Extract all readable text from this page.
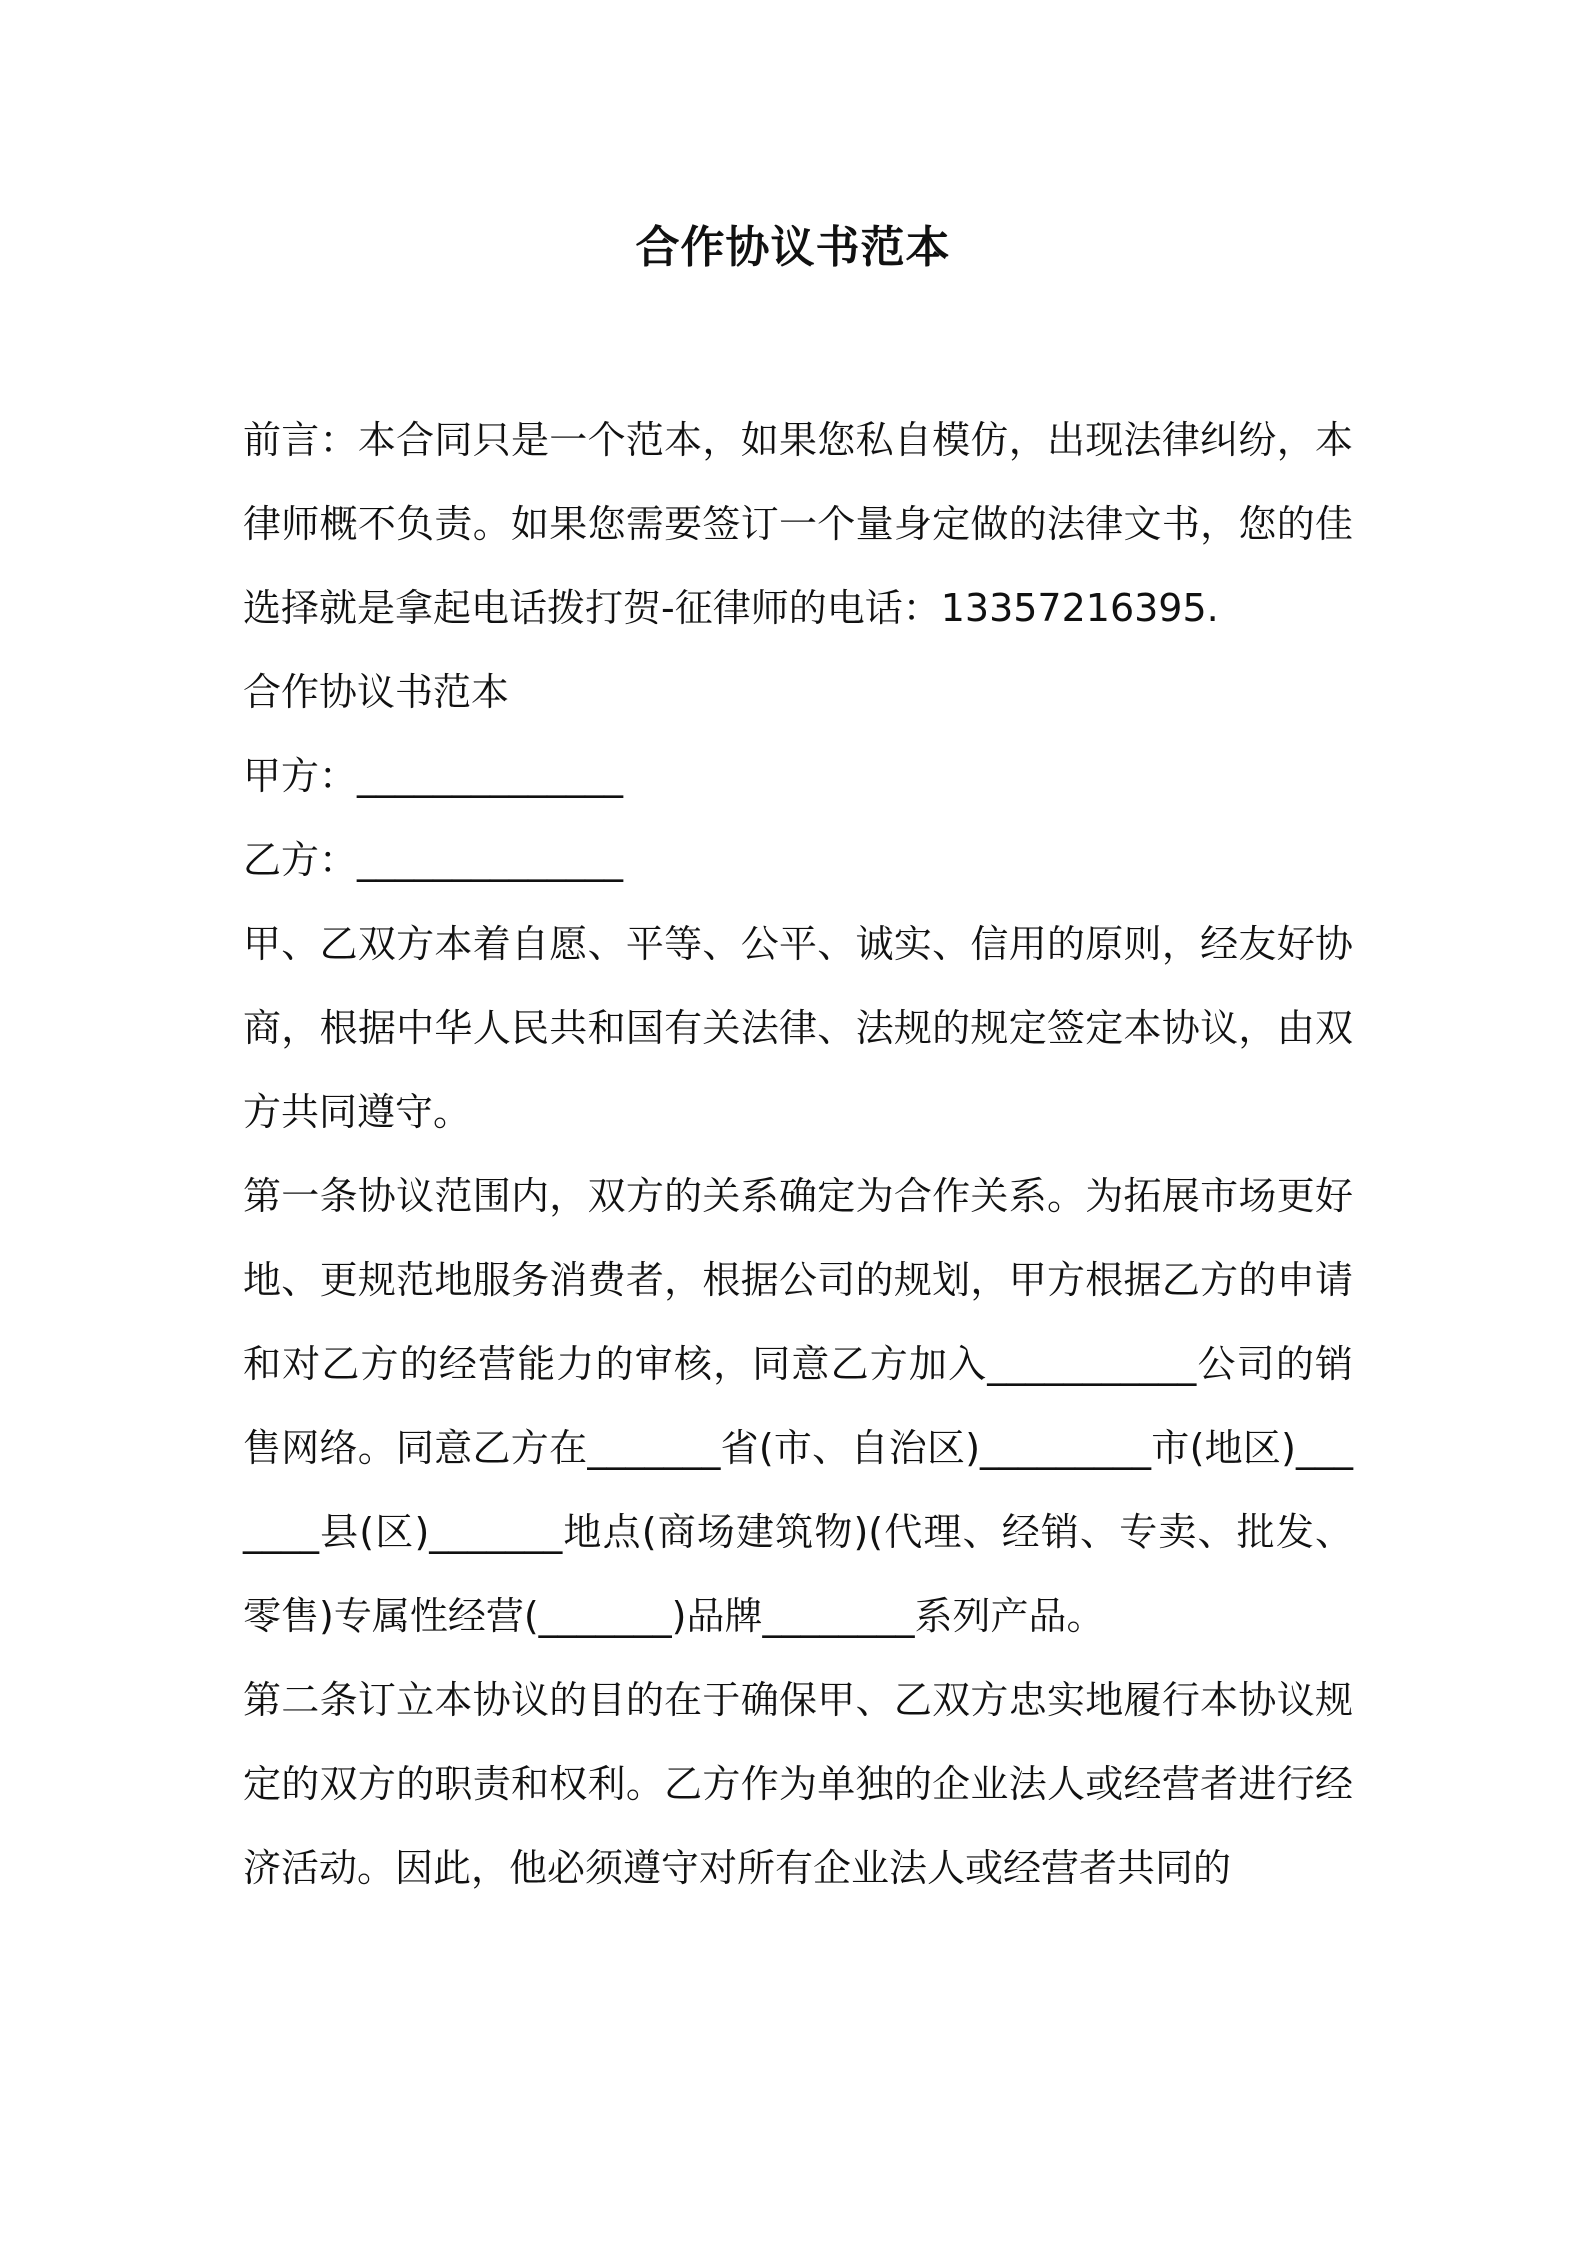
合作协议书范本

前言：本合同只是一个范本，如果您私自模仿，出现法律纠纷，本律师概不负责。如果您需要签订一个量身定做的法律文书，您的佳选择就是拿起电话拨打贺-征律师的电话：13357216395.

合作协议书范本

甲方：______________

乙方：______________

甲、乙双方本着自愿、平等、公平、诚实、信用的原则，经友好协商，根据中华人民共和国有关法律、法规的规定签定本协议，由双方共同遵守。

第一条协议范围内，双方的关系确定为合作关系。为拓展市场更好地、更规范地服务消费者，根据公司的规划，甲方根据乙方的申请和对乙方的经营能力的审核，同意乙方加入___________公司的销售网络。同意乙方在_______省(市、自治区)_________市(地区)_______县(区)_______地点(商场建筑物)(代理、经销、专卖、批发、零售)专属性经营(_______)品牌________系列产品。

第二条订立本协议的目的在于确保甲、乙双方忠实地履行本协议规定的双方的职责和权利。乙方作为单独的企业法人或经营者进行经济活动。因此，他必须遵守对所有企业法人或经营者共同的
